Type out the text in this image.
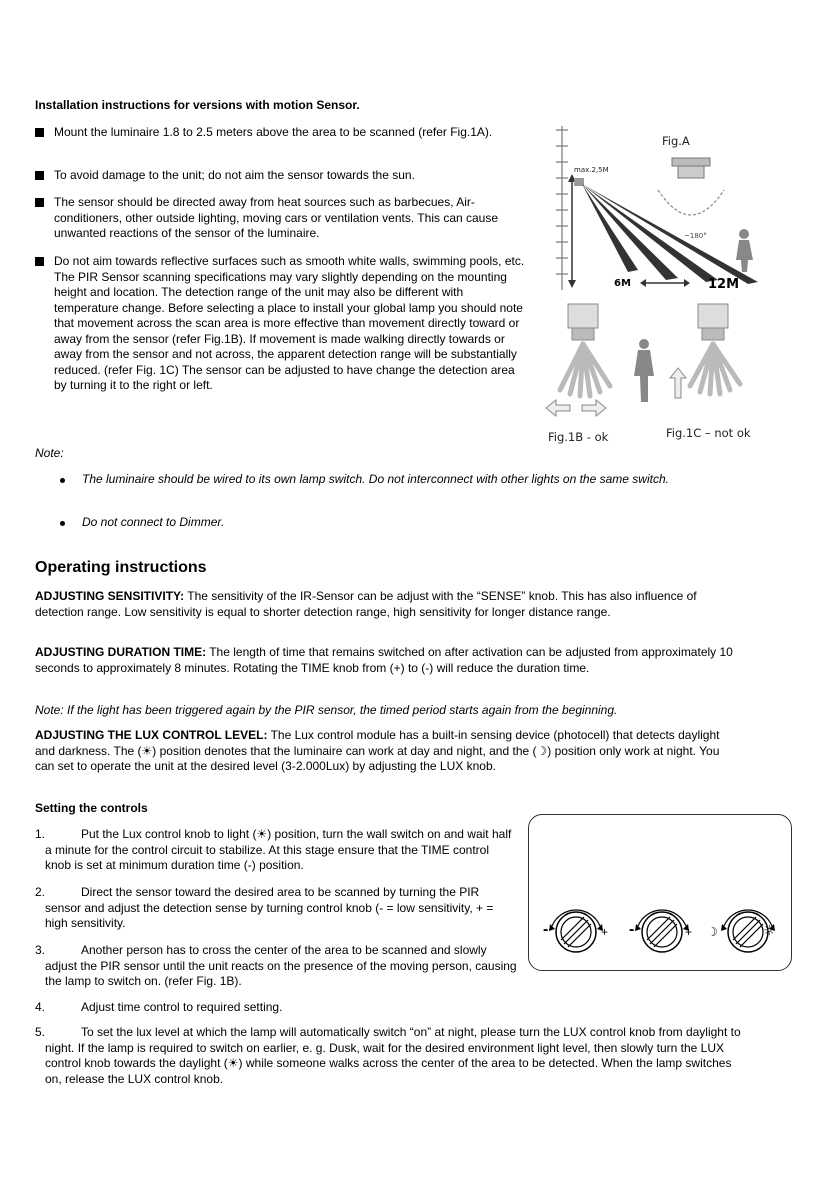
Installation instructions for versions with motion Sensor.
Mount the luminaire 1.8 to 2.5 meters above the area to be scanned (refer Fig.1A).
To avoid damage to the unit; do not aim the sensor towards the sun.
The sensor should be directed away from heat sources such as barbecues, Air-conditioners, other outside lighting, moving cars or ventilation vents. This can cause unwanted reactions of the sensor of the luminaire.
Do not aim towards reflective surfaces such as smooth white walls, swimming pools, etc. The PIR Sensor scanning specifications may vary slightly depending on the mounting height and location. The detection range of the unit may also be different with temperature change. Before selecting a place to install your global lamp you should note that movement across the scan area is more effective than movement directly toward or away from the sensor (refer Fig.1B). If movement is made walking directly towards or away from the sensor and not across, the apparent detection range will be substantially reduced. (refer Fig. 1C) The sensor can be adjusted to have change the detection area by turning it to the right or left.
max.2,5M
6M	12M
~180°
Fig.A
Fig.1B - ok	Fig.1C – not ok
Note:
The luminaire should be wired to its own lamp switch. Do not interconnect with other lights on the same switch.
Do not connect to Dimmer.
Operating instructions
ADJUSTING SENSITIVITY: The sensitivity of the IR-Sensor can be adjust with the “SENSE” knob. This has also influence of detection range. Low sensitivity is equal to shorter detection range, high sensitivity for longer distance range.
ADJUSTING DURATION TIME: The length of time that remains switched on after activation can be adjusted from approximately 10 seconds to approximately 8 minutes. Rotating the TIME knob from (+) to (-) will reduce the duration time.
Note: If the light has been triggered again by the PIR sensor, the timed period starts again from the beginning.
ADJUSTING THE LUX CONTROL LEVEL: The Lux control module has a built-in sensing device (photocell) that detects daylight and darkness. The (☀) position denotes that the luminaire can work at day and night, and the (☽) position only work at night. You can set to operate the unit at the desired level (3-2.000Lux) by adjusting the LUX knob.
Setting the controls
1.	Put the Lux control knob to light (☀) position, turn the wall switch on and wait half a minute for the control circuit to stabilize. At this stage ensure that the TIME control knob is set at minimum duration time (-) position.
2.	Direct the sensor toward the desired area to be scanned by turning the PIR sensor and adjust the detection sense by turning control knob (- = low sensitivity, + = high sensitivity.
3.	Another person has to cross the center of the area to be scanned and slowly adjust the PIR sensor until the unit reacts on the presence of the moving person, causing the lamp to switch on. (refer Fig. 1B).
4.	Adjust time control to required setting.
5.	To set the lux level at which the lamp will automatically switch “on” at night, please turn the LUX control knob from daylight to night. If the lamp is required to switch on earlier, e. g. Dusk, wait for the desired environment light level, then slowly turn the LUX control knob towards the daylight (☀) while someone walks across the center of the area to be detected. When the lamp switches on, release the LUX control knob.
-	+ -	+ ☽	☼
